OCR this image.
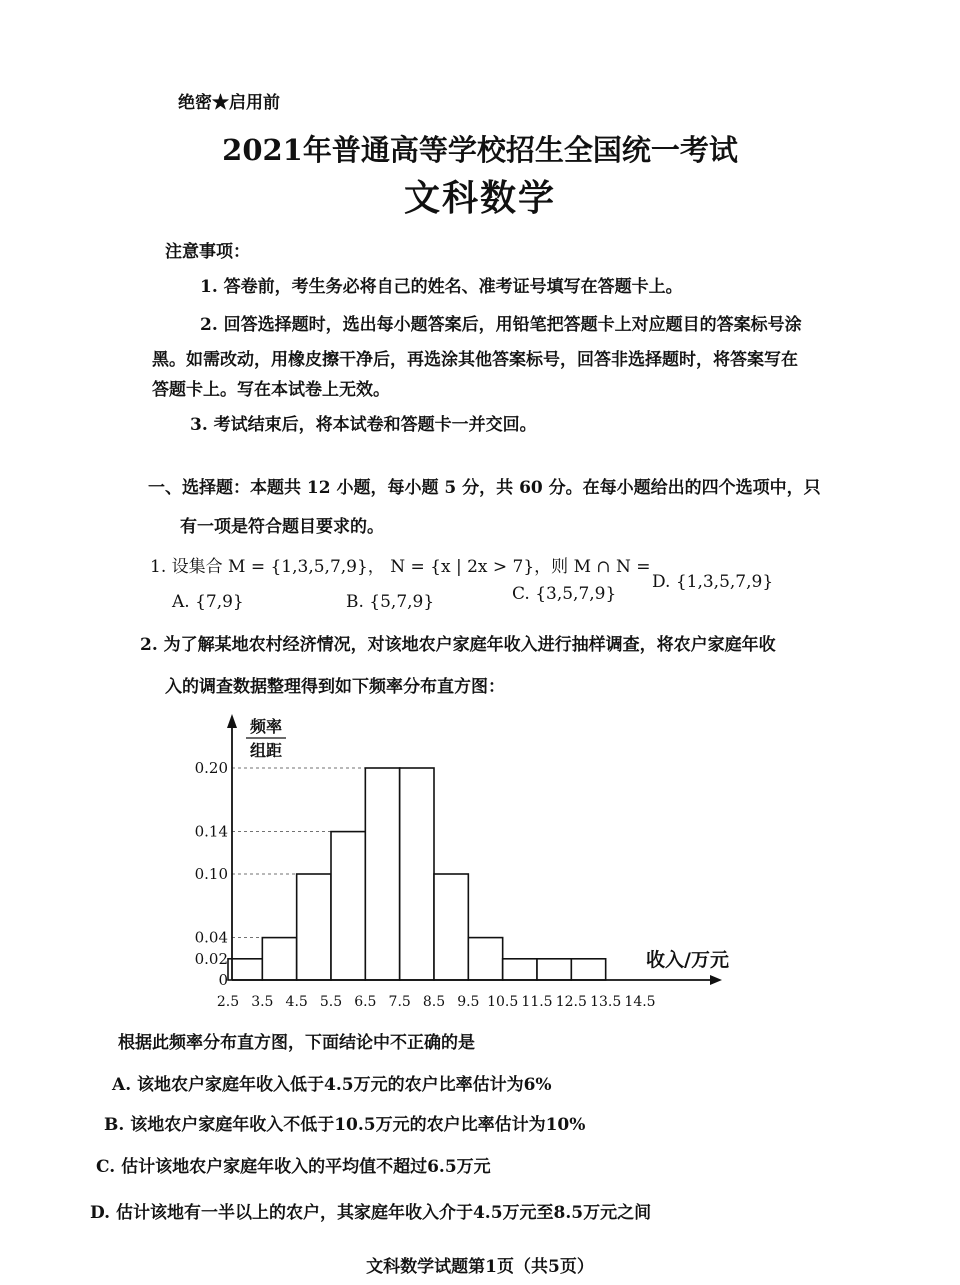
绝密★启用前
2021年普通高等学校招生全国统一考试
文科数学
注意事项：
1. 答卷前，考生务必将自己的姓名、准考证号填写在答题卡上。
2. 回答选择题时，选出每小题答案后，用铅笔把答题卡上对应题目的答案标号涂
黑。如需改动，用橡皮擦干净后，再选涂其他答案标号，回答非选择题时，将答案写在
答题卡上。写在本试卷上无效。
3. 考试结束后，将本试卷和答题卡一并交回。
一、选择题：本题共 12 小题，每小题 5 分，共 60 分。在每小题给出的四个选项中，只
有一项是符合题目要求的。
1. 设集合 M = {1,3,5,7,9}， N = {x | 2x > 7}，则 M ∩ N =
A. {7,9}	B. {5,7,9}	C. {3,5,7,9}
D. {1,3,5,7,9}
2. 为了解某地农村经济情况，对该地农户家庭年收入进行抽样调查，将农户家庭年收
入的调查数据整理得到如下频率分布直方图：
0.02
0.04
0.10
0.14
0.20
0
2.5 3.5 4.5 5.5 6.5 7.5 8.5 9.5 10.5 11.5 12.5 13.5 14.5
频率
组距
收入/万元
根据此频率分布直方图，下面结论中不正确的是
A. 该地农户家庭年收入低于4.5万元的农户比率估计为6%
B. 该地农户家庭年收入不低于10.5万元的农户比率估计为10%
C. 估计该地农户家庭年收入的平均值不超过6.5万元
D. 估计该地有一半以上的农户，其家庭年收入介于4.5万元至8.5万元之间
文科数学试题第1页（共5页）
